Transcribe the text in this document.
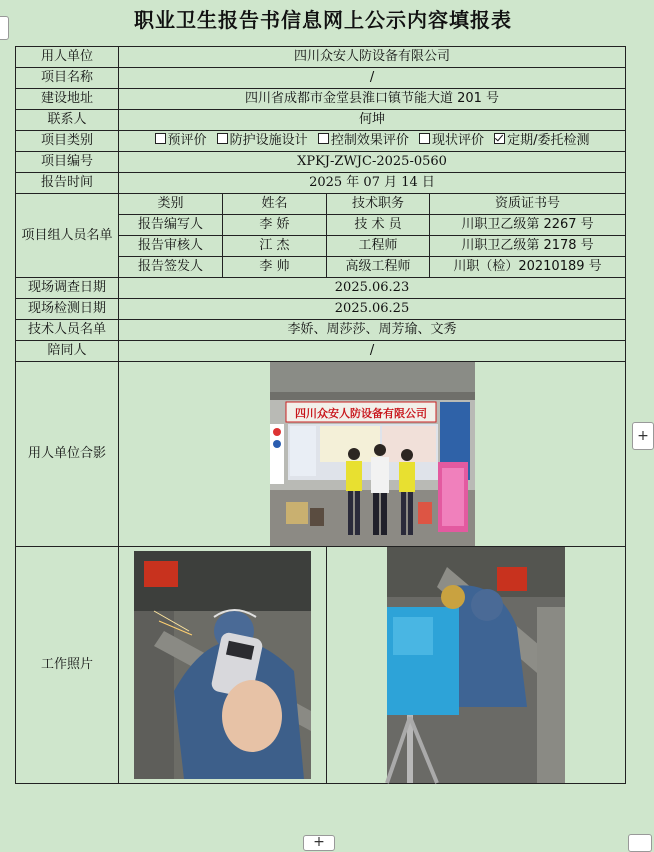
职业卫生报告书信息网上公示内容填报表
用人单位	四川众安人防设备有限公司			
项目名称	/			
建设地址	四川省成都市金堂县淮口镇节能大道 201 号			
联系人	何坤			
项目类别	预评价 防护设施设计 控制效果评价 现状评价 定期/委托检测			
项目编号	XPKJ-ZWJC-2025-0560			
报告时间	2025 年 07 月 14 日			
项目组人员名单	类别	姓名	技术职务	资质证书号
	报告编写人	李 娇	技 术 员	川职卫乙级第 2267 号
	报告审核人	江 杰	工程师	川职卫乙级第 2178 号
	报告签发人	李 帅	高级工程师	川职（检）20210189 号
现场调查日期	2025.06.23			
现场检测日期	2025.06.25			
技术人员名单	李娇、周莎莎、周芳瑜、文秀			
陪同人	/			
用人单位合影	四川众安人防设备有限公司			

工作照片	

+
+
